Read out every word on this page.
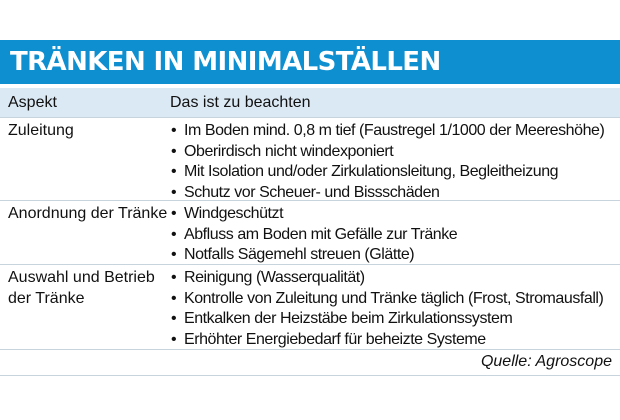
TRÄNKEN IN MINIMALSTÄLLEN
Aspekt	Das ist zu beachten
Zuleitung	• Im Boden mind. 0,8 m tief (Faustregel 1/1000 der Meereshöhe)
• Oberirdisch nicht windexponiert
• Mit Isolation und/oder Zirkulationsleitung, Begleitheizung
• Schutz vor Scheuer- und Bissschäden
Anordnung der Tränke • Windgeschützt
• Abfluss am Boden mit Gefälle zur Tränke
• Notfalls Sägemehl streuen (Glätte)
Auswahl und Betrieb der Tränke
• Reinigung (Wasserqualität)
• Kontrolle von Zuleitung und Tränke täglich (Frost, Stromausfall)
• Entkalken der Heizstäbe beim Zirkulationssystem
• Erhöhter Energiebedarf für beheizte Systeme
Quelle: Agroscope
